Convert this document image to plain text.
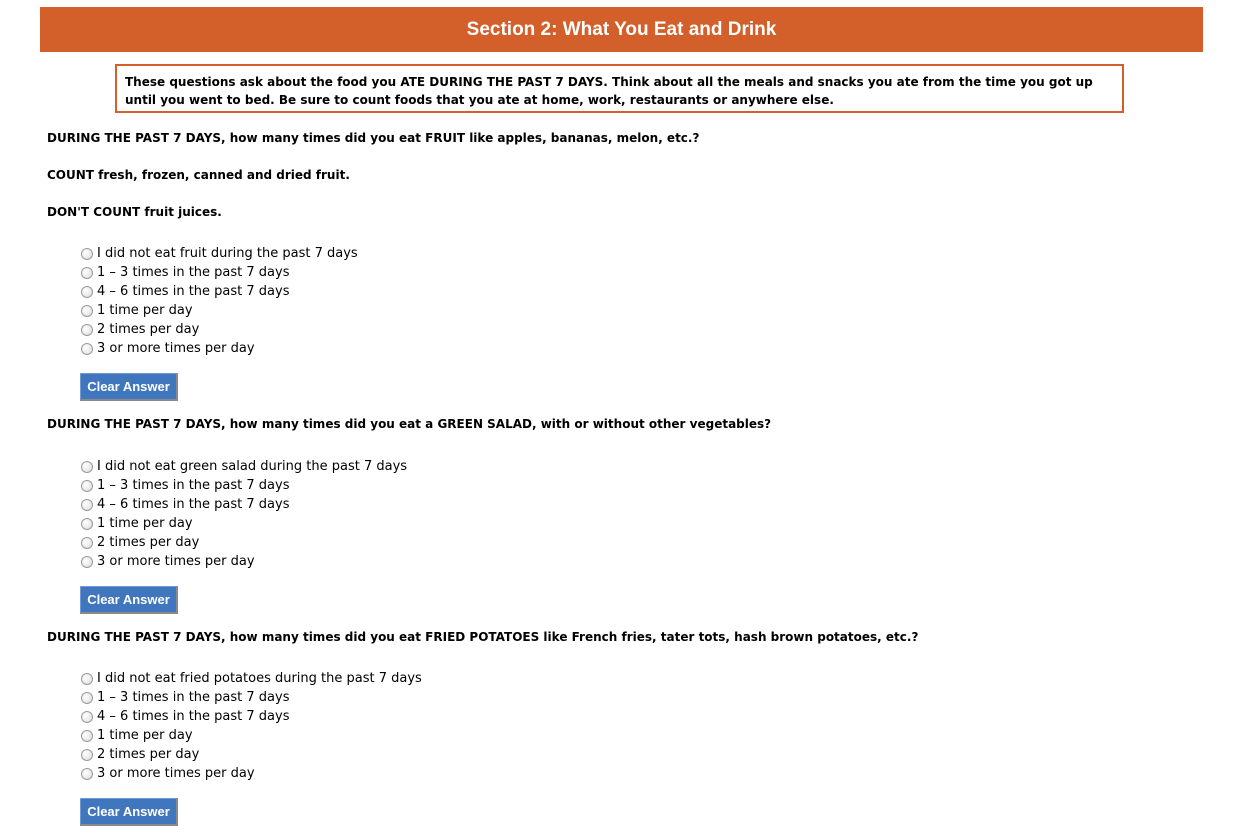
Section 2: What You Eat and Drink
These questions ask about the food you ATE DURING THE PAST 7 DAYS. Think about all the meals and snacks you ate from the time you got up until you went to bed. Be sure to count foods that you ate at home, work, restaurants or anywhere else.
DURING THE PAST 7 DAYS, how many times did you eat FRUIT like apples, bananas, melon, etc.?
COUNT fresh, frozen, canned and dried fruit.
DON'T COUNT fruit juices.
I did not eat fruit during the past 7 days
1 – 3 times in the past 7 days
4 – 6 times in the past 7 days
1 time per day
2 times per day
3 or more times per day
Clear Answer
DURING THE PAST 7 DAYS, how many times did you eat a GREEN SALAD, with or without other vegetables?
I did not eat green salad during the past 7 days
1 – 3 times in the past 7 days
4 – 6 times in the past 7 days
1 time per day
2 times per day
3 or more times per day
Clear Answer
DURING THE PAST 7 DAYS, how many times did you eat FRIED POTATOES like French fries, tater tots, hash brown potatoes, etc.?
I did not eat fried potatoes during the past 7 days
1 – 3 times in the past 7 days
4 – 6 times in the past 7 days
1 time per day
2 times per day
3 or more times per day
Clear Answer
